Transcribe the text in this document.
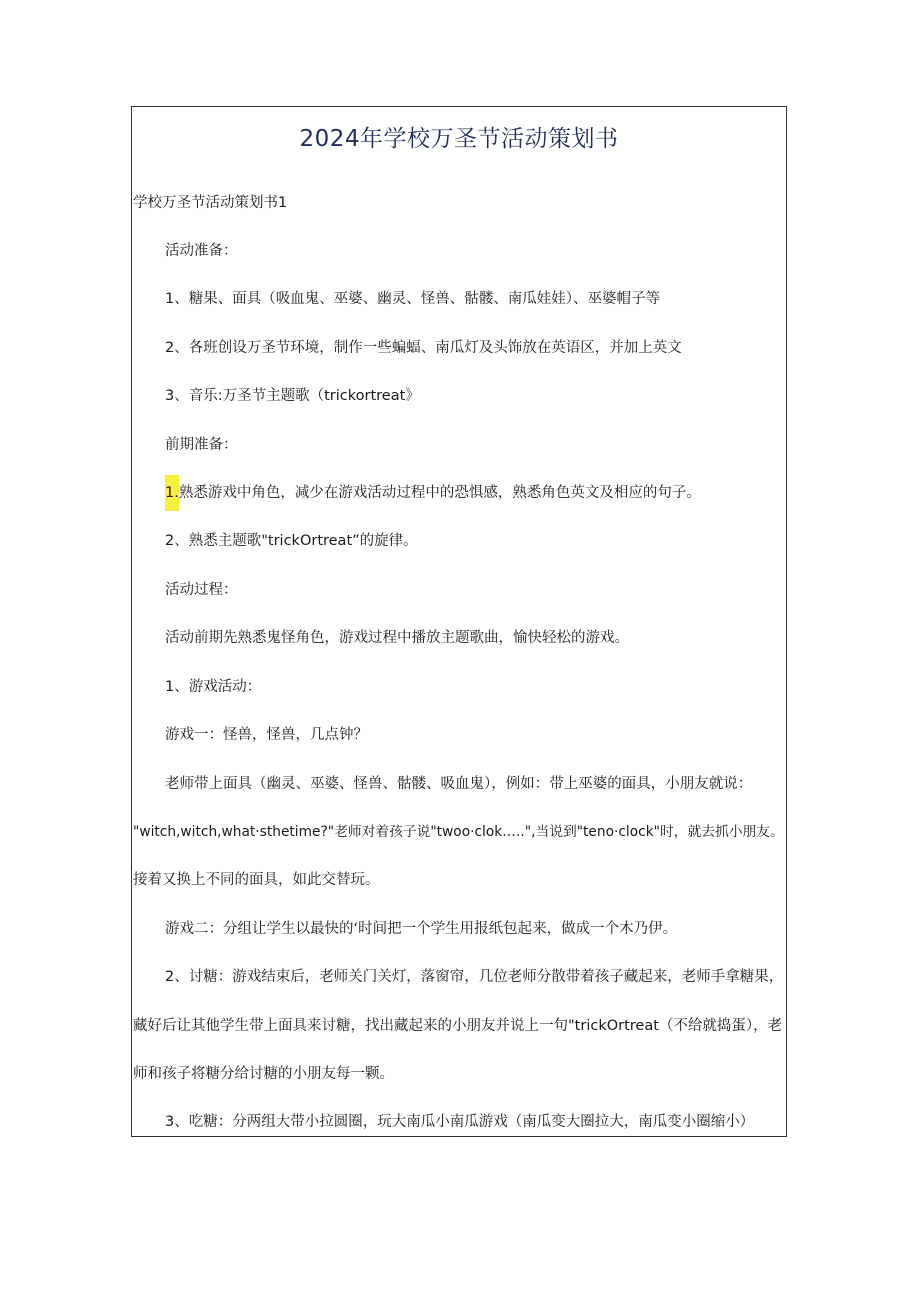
2024年学校万圣节活动策划书
学校万圣节活动策划书1
活动准备：
1、糖果、面具（吸血鬼、巫婆、幽灵、怪兽、骷髅、南瓜娃娃）、巫婆帽子等
2、各班创设万圣节环境，制作一些蝙蝠、南瓜灯及头饰放在英语区，并加上英文
3、音乐:万圣节主题歌（trickortreat》
前期准备：
1.熟悉游戏中角色，减少在游戏活动过程中的恐惧感，熟悉角色英文及相应的句子。
2、熟悉主题歌"trickOrtreat”的旋律。
活动过程：
活动前期先熟悉鬼怪角色，游戏过程中播放主题歌曲，愉快轻松的游戏。
1、游戏活动：
游戏一：怪兽，怪兽，几点钟？
老师带上面具（幽灵、巫婆、怪兽、骷髅、吸血鬼），例如：带上巫婆的面具，小朋友就说：
"witch,witch,what·sthetime?"老师对着孩子说"twoo·clok.….",当说到"teno·clock"时，就去抓小朋友。
接着又换上不同的面具，如此交替玩。
游戏二：分组让学生以最快的‘时间把一个学生用报纸包起来，做成一个木乃伊。
2、讨糖：游戏结束后，老师关门关灯，落窗帘，几位老师分散带着孩子藏起来，老师手拿糖果，
藏好后让其他学生带上面具来讨糖，找出藏起来的小朋友并说上一句"trickOrtreat（不给就捣蛋），老
师和孩子将糖分给讨糖的小朋友每一颗。
3、吃糖：分两组大带小拉圆圈，玩大南瓜小南瓜游戏（南瓜变大圈拉大，南瓜变小圈缩小）
